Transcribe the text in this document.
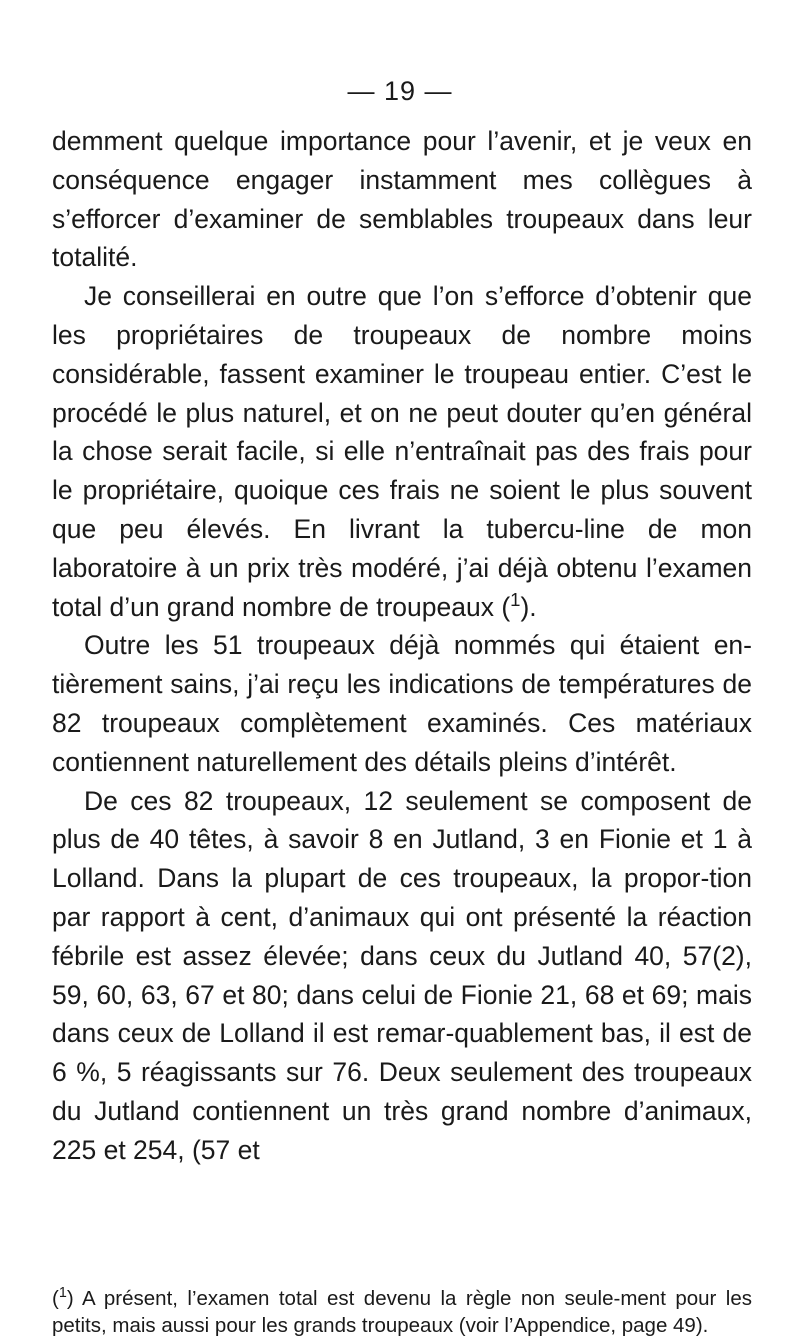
— 19 —

demment quelque importance pour l’avenir, et je veux en conséquence engager instamment mes collègues à s’efforcer d’examiner de semblables troupeaux dans leur totalité.

Je conseillerai en outre que l’on s’efforce d’obtenir que les propriétaires de troupeaux de nombre moins considérable, fassent examiner le troupeau entier. C’est le procédé le plus naturel, et on ne peut douter qu’en général la chose serait facile, si elle n’entraînait pas des frais pour le propriétaire, quoique ces frais ne soient le plus souvent que peu élevés. En livrant la tubercu-line de mon laboratoire à un prix très modéré, j’ai déjà obtenu l’examen total d’un grand nombre de troupeaux ($^1$).

Outre les 51 troupeaux déjà nommés qui étaient en-tièrement sains, j’ai reçu les indications de températures de 82 troupeaux complètement examinés. Ces matériaux contiennent naturellement des détails pleins d’intérêt.

De ces 82 troupeaux, 12 seulement se composent de plus de 40 têtes, à savoir 8 en Jutland, 3 en Fionie et 1 à Lolland. Dans la plupart de ces troupeaux, la propor-tion par rapport à cent, d’animaux qui ont présenté la réaction fébrile est assez élevée; dans ceux du Jutland 40, 57(2), 59, 60, 63, 67 et 80; dans celui de Fionie 21, 68 et 69; mais dans ceux de Lolland il est remar-quablement bas, il est de 6 %, 5 réagissants sur 76. Deux seulement des troupeaux du Jutland contiennent un très grand nombre d’animaux, 225 et 254, (57 et

($^1$) A présent, l’examen total est devenu la règle non seule-ment pour les petits, mais aussi pour les grands troupeaux (voir l’Appendice, page 49).
